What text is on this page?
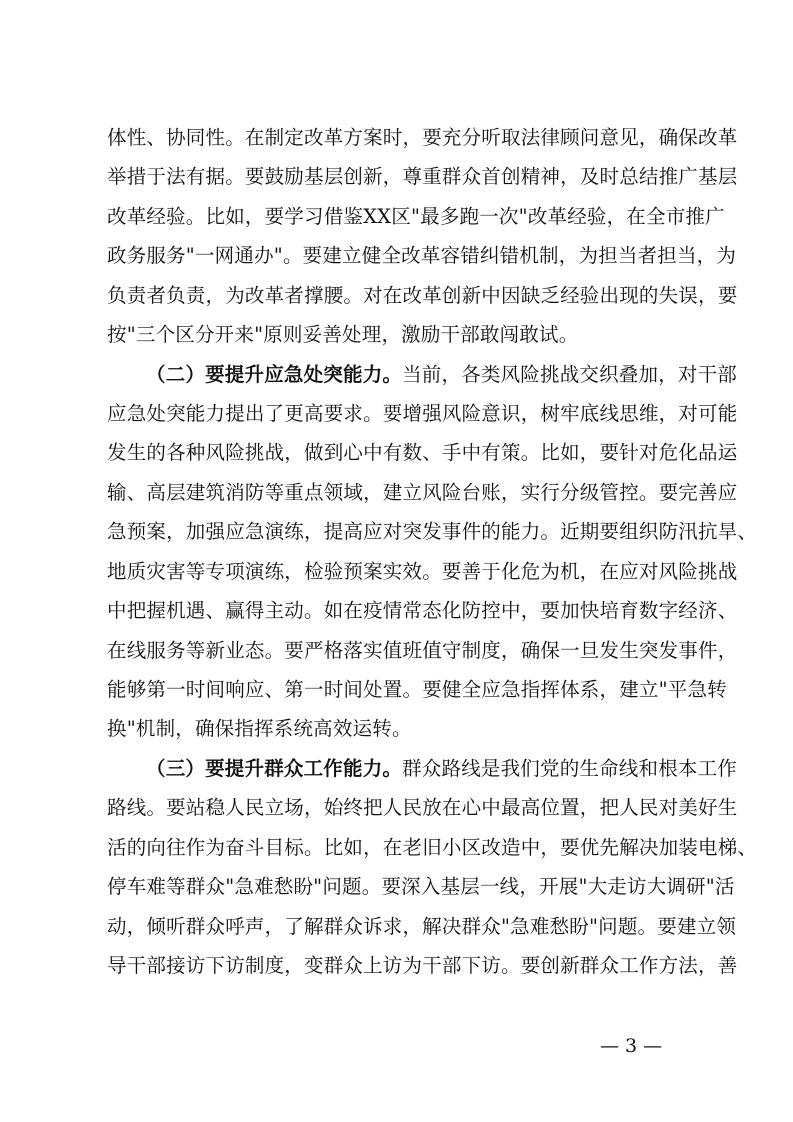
体性、协同性。在制定改革方案时，要充分听取法律顾问意见，确保改革
举措于法有据。要鼓励基层创新，尊重群众首创精神，及时总结推广基层
改革经验。比如，要学习借鉴XX区"最多跑一次"改革经验，在全市推广
政务服务"一网通办"。要建立健全改革容错纠错机制，为担当者担当，为
负责者负责，为改革者撑腰。对在改革创新中因缺乏经验出现的失误，要
按"三个区分开来"原则妥善处理，激励干部敢闯敢试。
（二）要提升应急处突能力。当前，各类风险挑战交织叠加，对干部
应急处突能力提出了更高要求。要增强风险意识，树牢底线思维，对可能
发生的各种风险挑战，做到心中有数、手中有策。比如，要针对危化品运
输、高层建筑消防等重点领域，建立风险台账，实行分级管控。要完善应
急预案，加强应急演练，提高应对突发事件的能力。近期要组织防汛抗旱、
地质灾害等专项演练，检验预案实效。要善于化危为机，在应对风险挑战
中把握机遇、赢得主动。如在疫情常态化防控中，要加快培育数字经济、
在线服务等新业态。要严格落实值班值守制度，确保一旦发生突发事件，
能够第一时间响应、第一时间处置。要健全应急指挥体系，建立"平急转
换"机制，确保指挥系统高效运转。
（三）要提升群众工作能力。群众路线是我们党的生命线和根本工作
路线。要站稳人民立场，始终把人民放在心中最高位置，把人民对美好生
活的向往作为奋斗目标。比如，在老旧小区改造中，要优先解决加装电梯、
停车难等群众"急难愁盼"问题。要深入基层一线，开展"大走访大调研"活
动，倾听群众呼声，了解群众诉求，解决群众"急难愁盼"问题。要建立领
导干部接访下访制度，变群众上访为干部下访。要创新群众工作方法，善
— 3 —
